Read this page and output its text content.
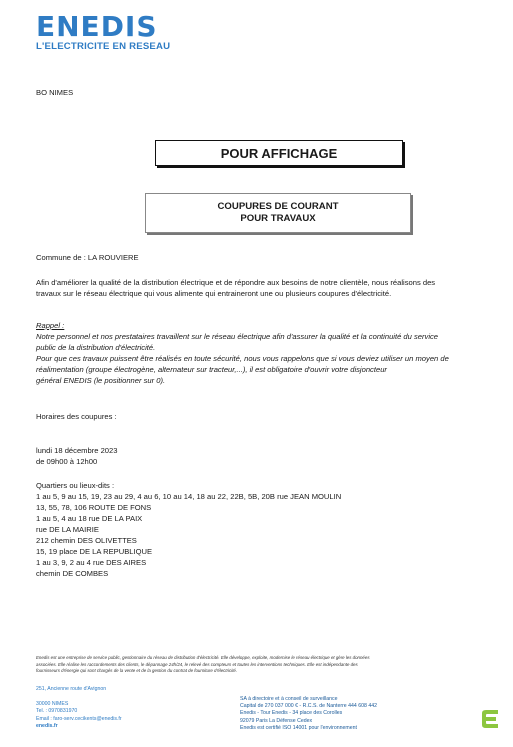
ENEDIS
L'ELECTRICITE EN RESEAU
BO NIMES
POUR AFFICHAGE
COUPURES DE COURANT
POUR TRAVAUX
Commune de : LA ROUVIERE
Afin d'améliorer la qualité de la distribution électrique et de répondre aux besoins de notre clientèle, nous réalisons des
travaux sur le réseau électrique qui vous alimente qui entraineront une ou plusieurs coupures d'électricité.
Rappel :
Notre personnel et nos prestataires travaillent sur le réseau électrique afin d'assurer la qualité et la continuité du service
public de la distribution d'électricité.
Pour que ces travaux puissent être réalisés en toute sécurité, nous vous rappelons que si vous deviez utiliser un moyen de
réalimentation (groupe électrogène, alternateur sur tracteur,...), il est obligatoire d'ouvrir votre disjoncteur
général ENEDIS (le positionner sur 0).
Horaires des coupures :
lundi 18 décembre 2023
de 09h00 à 12h00
Quartiers ou lieux-dits :
1 au 5, 9 au 15, 19, 23 au 29, 4 au 6, 10 au 14, 18 au 22, 22B, 5B, 20B rue JEAN MOULIN
13, 55, 78, 106 ROUTE DE FONS
1 au 5, 4 au 18 rue DE LA PAIX
rue DE LA MAIRIE
212 chemin DES OLIVETTES
15, 19 place DE LA REPUBLIQUE
1 au 3, 9, 2 au 4 rue DES AIRES
chemin DE COMBES
Enedis est une entreprise de service public, gestionnaire du réseau de distribution d'électricité. Elle développe, exploite, modernise le réseau électrique et gère les données
associées. Elle réalise les raccordements des clients, le dépannage 24h/24, le relevé des compteurs et toutes les interventions techniques. Elle est indépendante des
fournisseurs d'énergie qui sont chargés de la vente et de la gestion du contrat de fourniture d'électricité.
251, Ancienne route d'Avignon
30000 NIMES
Tel. : 0970831970
Email : faro-serv.cecikents@enedis.fr
enedis.fr
SA à directoire et à conseil de surveillance
Capital de 270 037 000 € - R.C.S. de Nanterre 444 608 442
Enedis - Tour Enedis - 34 place des Corolles
92079 Paris La Défense Cedex
Enedis est certifié ISO 14001 pour l'environnement
